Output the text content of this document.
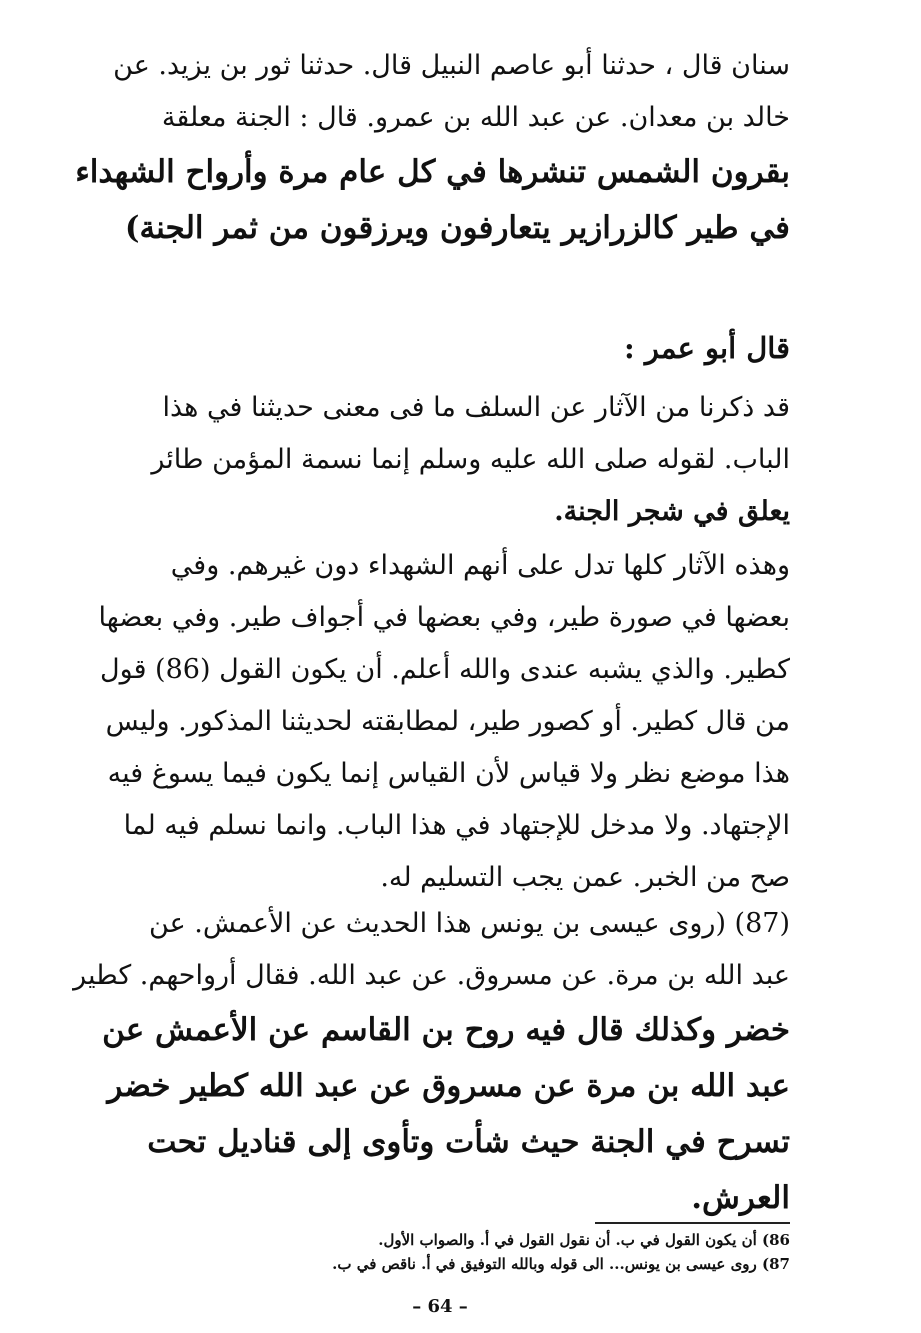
سنان قال ، حدثنا أبو عاصم النبيل قال. حدثنا ثور بن يزيد. عن
خالد بن معدان. عن عبد الله بن عمرو. قال : الجنة معلقة
بقرون الشمس تنشرها في كل عام مرة وأرواح الشهداء
في طير كالزرازير يتعارفون ويرزقون من ثمر الجنة)
قال أبو عمر :
قد ذكرنا من الآثار عن السلف ما فى معنى حديثنا في هذا
الباب. لقوله صلى الله عليه وسلم إنما نسمة المؤمن طائر
يعلق في شجر الجنة.
وهذه الآثار كلها تدل على أنهم الشهداء دون غيرهم. وفي
بعضها في صورة طير، وفي بعضها في أجواف طير. وفي بعضها
كطير. والذي يشبه عندى والله أعلم. أن يكون القول (86) قول
من قال كطير. أو كصور طير، لمطابقته لحديثنا المذكور. وليس
هذا موضع نظر ولا قياس لأن القياس إنما يكون فيما يسوغ فيه
الإجتهاد. ولا مدخل للإجتهاد في هذا الباب. وانما نسلم فيه لما
صح من الخبر. عمن يجب التسليم له.
(87) (روى عيسى بن يونس هذا الحديث عن الأعمش. عن
عبد الله بن مرة. عن مسروق. عن عبد الله. فقال أرواحهم. كطير
خضر وكذلك قال فيه روح بن القاسم عن الأعمش عن
عبد الله بن مرة عن مسروق عن عبد الله كطير خضر
تسرح في الجنة حيث شأت وتأوى إلى قناديل تحت
العرش.
86) أن يكون القول في ب. أن نقول القول في أ. والصواب الأول.
87) روى عيسى بن يونس... الى قوله وبالله التوفيق في أ. ناقص في ب.
– 64 –
